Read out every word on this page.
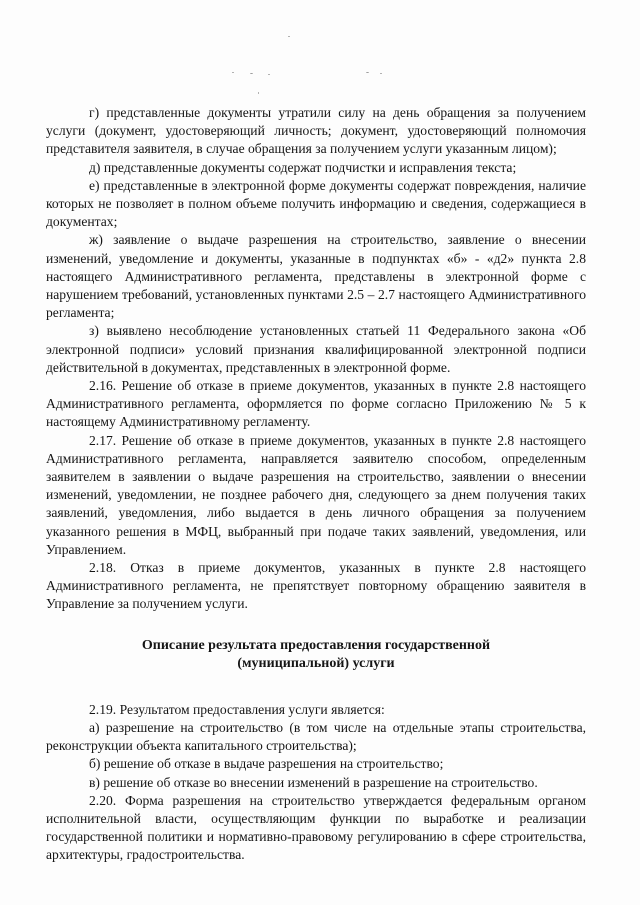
г) представленные документы утратили силу на день обращения за получением услуги (документ, удостоверяющий личность; документ, удостоверяющий полномочия представителя заявителя, в случае обращения за получением услуги указанным лицом);

д) представленные документы содержат подчистки и исправления текста;

е) представленные в электронной форме документы содержат повреждения, наличие которых не позволяет в полном объеме получить информацию и сведения, содержащиеся в документах;

ж) заявление о выдаче разрешения на строительство, заявление о внесении изменений, уведомление и документы, указанные в подпунктах «б» - «д2» пункта 2.8 настоящего Административного регламента, представлены в электронной форме с нарушением требований, установленных пунктами 2.5 – 2.7 настоящего Административного регламента;

з) выявлено несоблюдение установленных статьей 11 Федерального закона «Об электронной подписи» условий признания квалифицированной электронной подписи действительной в документах, представленных в электронной форме.

2.16. Решение об отказе в приеме документов, указанных в пункте 2.8 настоящего Административного регламента, оформляется по форме согласно Приложению № 5 к настоящему Административному регламенту.

2.17. Решение об отказе в приеме документов, указанных в пункте 2.8 настоящего Административного регламента, направляется заявителю способом, определенным заявителем в заявлении о выдаче разрешения на строительство, заявлении о внесении изменений, уведомлении, не позднее рабочего дня, следующего за днем получения таких заявлений, уведомления, либо выдается в день личного обращения за получением указанного решения в МФЦ, выбранный при подаче таких заявлений, уведомления, или Управлением.

2.18. Отказ в приеме документов, указанных в пункте 2.8 настоящего Административного регламента, не препятствует повторному обращению заявителя в Управление за получением услуги.

Описание результата предоставления государственной
(муниципальной) услуги

2.19. Результатом предоставления услуги является:

а) разрешение на строительство (в том числе на отдельные этапы строительства, реконструкции объекта капитального строительства);

б) решение об отказе в выдаче разрешения на строительство;

в) решение об отказе во внесении изменений в разрешение на строительство.

2.20. Форма разрешения на строительство утверждается федеральным органом исполнительной власти, осуществляющим функции по выработке и реализации государственной политики и нормативно-правовому регулированию в сфере строительства, архитектуры, градостроительства.
